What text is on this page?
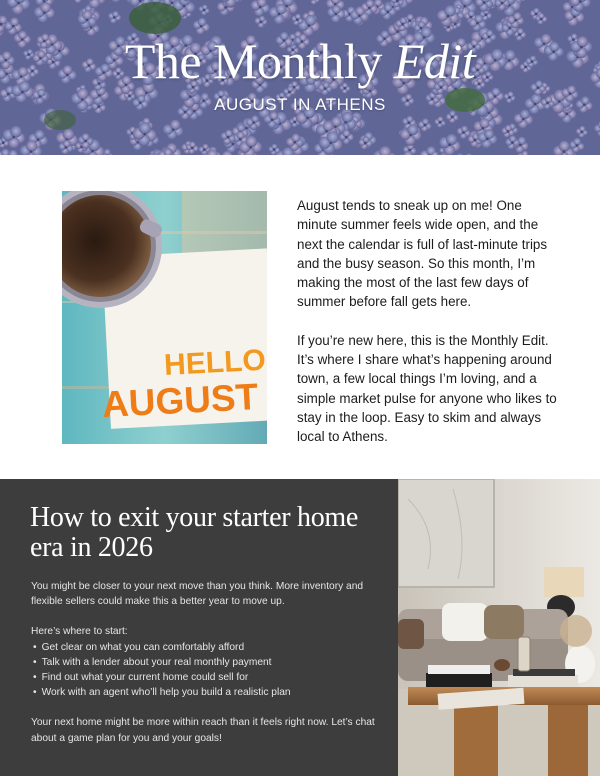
The Monthly Edit
AUGUST IN ATHENS
HELLO
AUGUST

August tends to sneak up on me! One minute summer feels wide open, and the next the calendar is full of last-minute trips and the busy season. So this month, I’m making the most of the last few days of summer before fall gets here.

If you’re new here, this is the Monthly Edit. It’s where I share what’s happening around town, a few local things I’m loving, and a simple market pulse for anyone who likes to stay in the loop. Easy to skim and always local to Athens.

How to exit your starter home era in 2026

You might be closer to your next move than you think. More inventory and flexible sellers could make this a better year to move up.

Here’s where to start:

• Get clear on what you can comfortably afford
• Talk with a lender about your real monthly payment
• Find out what your current home could sell for
• Work with an agent who’ll help you build a realistic plan

Your next home might be more within reach than it feels right now. Let’s chat about a game plan for you and your goals!
